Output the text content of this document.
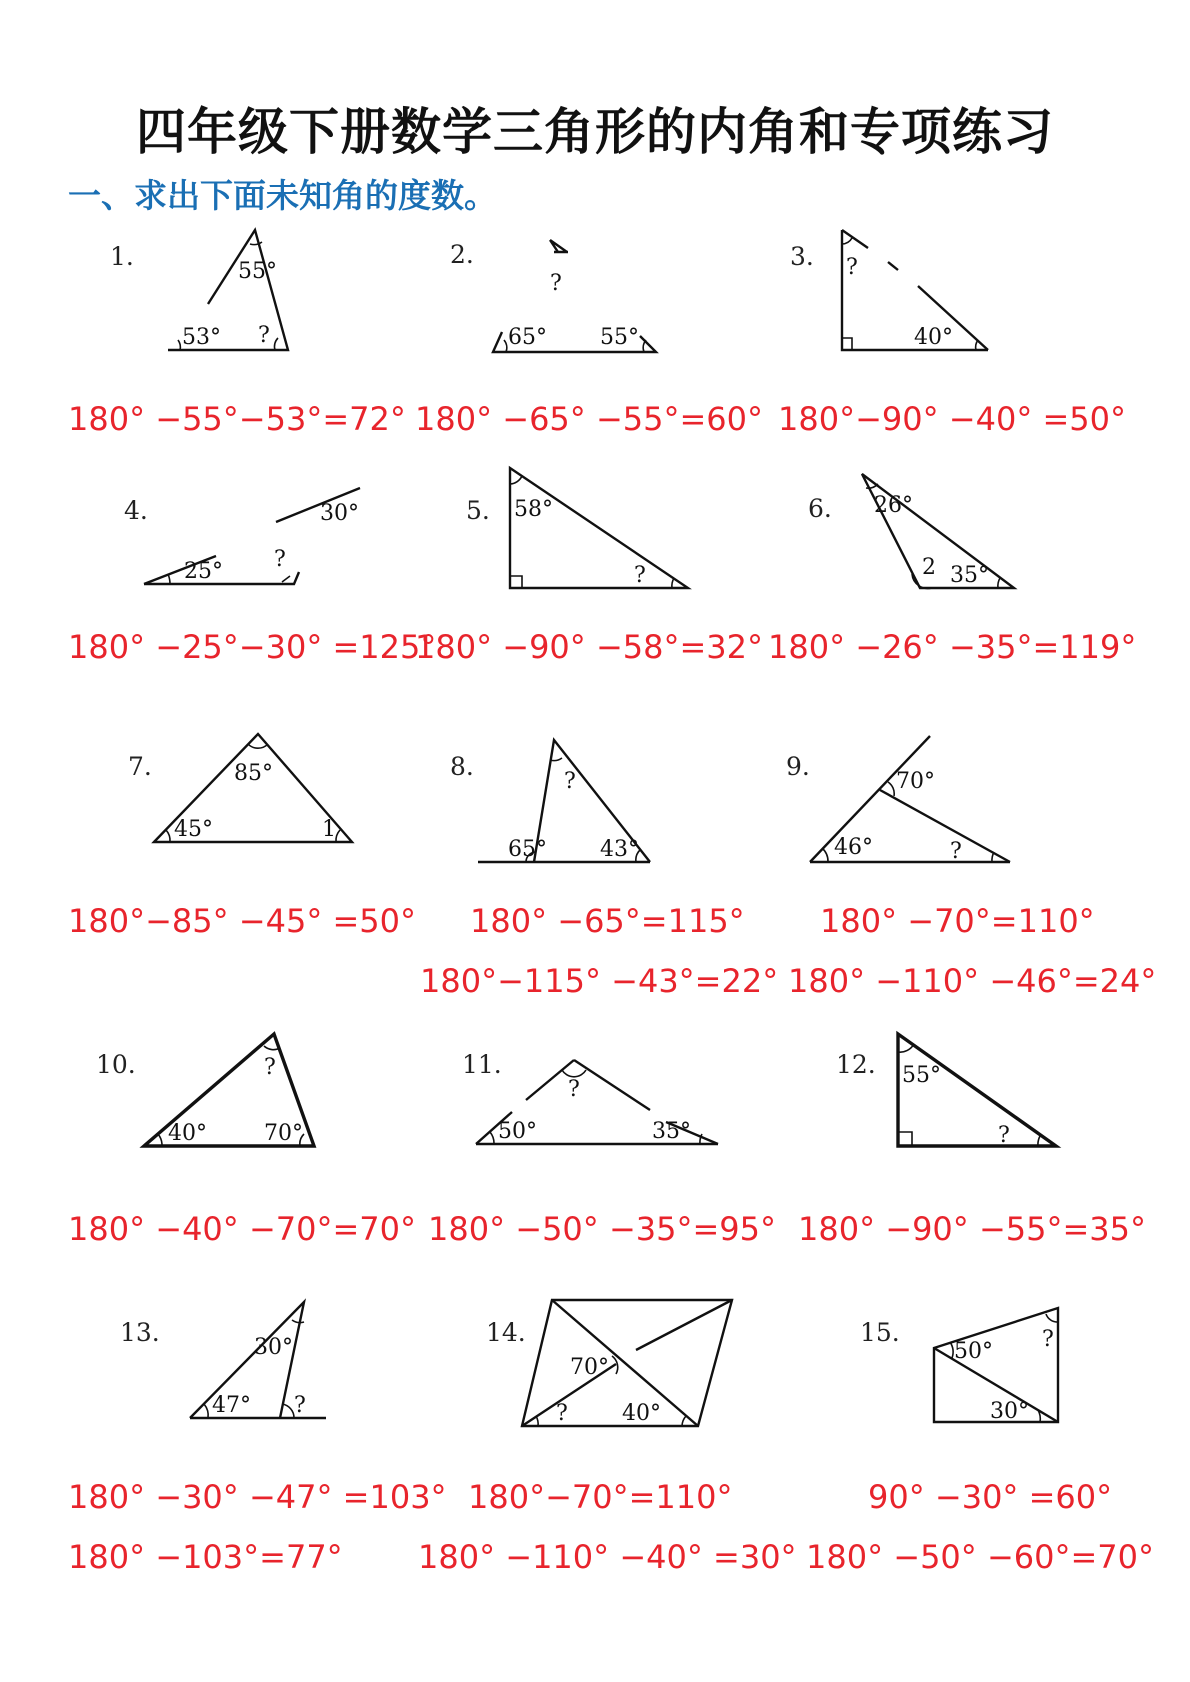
四年级下册数学三角形的内角和专项练习
一、求出下面未知角的度数。
1.
55°
53° ?
180° −55°−53°=72°
2.
?
65° 55°
180° −65° −55°=60°
3. ?
40°
180°−90° −40° =50°
4.	30°
25° ?
180° −25°−30° =125°
5. 58°
?
180° −90° −58°=32°
6. 26°
2 35°
180° −26° −35°=119°
7.	85°
45°	1
180°−85° −45° =50°
8.
?
65° 43°
180° −65°=115°
180°−115° −43°=22°
9.
70°
46°	?
180° −70°=110°
180° −110° −46°=24°
10.	?
40°	70°
180° −40° −70°=70°
11.
?
50°	35°
180° −50° −35°=95°
12. 55°
?
180° −90° −55°=35°
13.
30°
47° ?
180° −30° −47° =103°
180° −103°=77°
14.
70°
? 40°
180°−70°=110°
180° −110° −40° =30°
15.
50° ?
30°
90° −30° =60°
180° −50° −60°=70°
